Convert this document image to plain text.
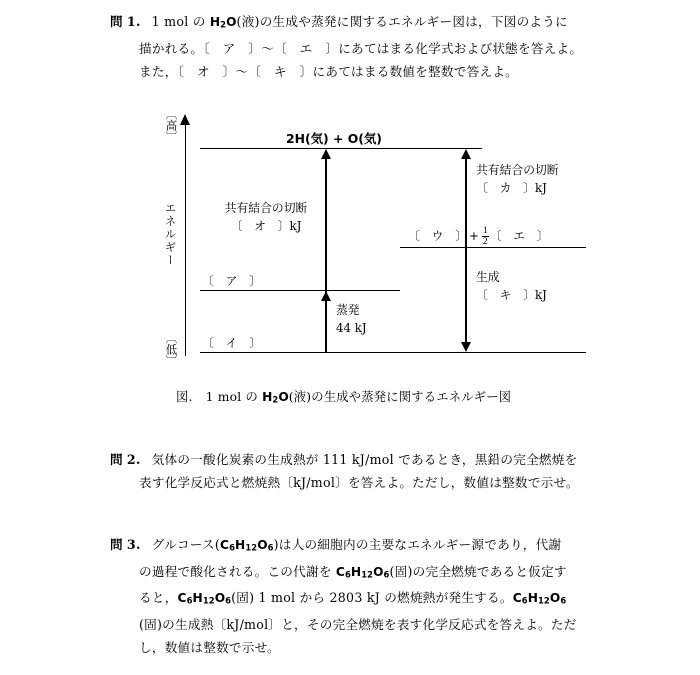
問 1. 1 mol の $H_2O$(液)の生成や蒸発に関するエネルギー図は，下図のように
描かれる。〔　ア　〕～〔　エ　〕にあてはまる化学式および状態を答えよ。
また，〔　オ　〕～〔　キ　〕にあてはまる数値を整数で答えよ。
〔高〕
エネルギー
〔低〕
2H(気) + O(気)
〔　ウ　〕 + $\frac{1}{2}$ 〔　エ　〕
〔　ア　〕
〔　イ　〕
共有結合の切断
〔　オ　〕kJ
共有結合の切断
〔　カ　〕kJ
蒸発
44 kJ
生成
〔　キ　〕kJ
図. 1 mol の $H_2O$(液)の生成や蒸発に関するエネルギー図
問 2. 気体の一酸化炭素の生成熱が 111 kJ/mol であるとき，黒鉛の完全燃焼を
表す化学反応式と燃焼熱〔kJ/mol〕を答えよ。ただし，数値は整数で示せ。
問 3. グルコース$(C_6H_{12}O_6)$は人の細胞内の主要なエネルギー源であり，代謝
の過程で酸化される。この代謝を $C_6H_{12}O_6$(固)の完全燃焼であると仮定す
ると，$C_6H_{12}O_6$(固) 1 mol から 2803 kJ の燃焼熱が発生する。$C_6H_{12}O_6$
(固)の生成熱〔kJ/mol〕と，その完全燃焼を表す化学反応式を答えよ。ただ
し，数値は整数で示せ。
